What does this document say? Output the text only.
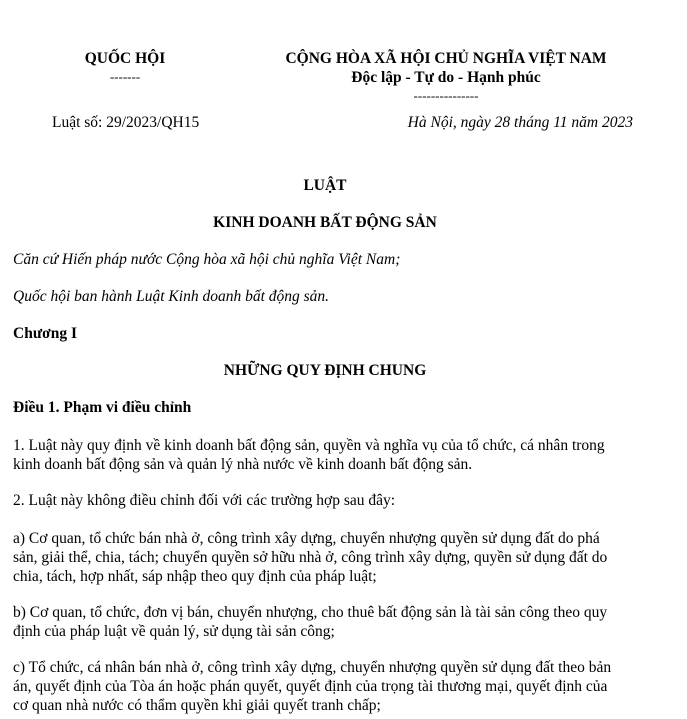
QUỐC HỘI
-------
CỘNG HÒA XÃ HỘI CHỦ NGHĨA VIỆT NAM
Độc lập - Tự do - Hạnh phúc
---------------
Luật số: 29/2023/QH15	Hà Nội, ngày 28 tháng 11 năm 2023
LUẬT
KINH DOANH BẤT ĐỘNG SẢN
Căn cứ Hiến pháp nước Cộng hòa xã hội chủ nghĩa Việt Nam;
Quốc hội ban hành Luật Kinh doanh bất động sản.
Chương I
NHỮNG QUY ĐỊNH CHUNG
Điều 1. Phạm vi điều chỉnh
1. Luật này quy định về kinh doanh bất động sản, quyền và nghĩa vụ của tổ chức, cá nhân trong
kinh doanh bất động sản và quản lý nhà nước về kinh doanh bất động sản.
2. Luật này không điều chỉnh đối với các trường hợp sau đây:
a) Cơ quan, tổ chức bán nhà ở, công trình xây dựng, chuyển nhượng quyền sử dụng đất do phá
sản, giải thể, chia, tách; chuyển quyền sở hữu nhà ở, công trình xây dựng, quyền sử dụng đất do
chia, tách, hợp nhất, sáp nhập theo quy định của pháp luật;
b) Cơ quan, tổ chức, đơn vị bán, chuyển nhượng, cho thuê bất động sản là tài sản công theo quy
định của pháp luật về quản lý, sử dụng tài sản công;
c) Tổ chức, cá nhân bán nhà ở, công trình xây dựng, chuyển nhượng quyền sử dụng đất theo bản
án, quyết định của Tòa án hoặc phán quyết, quyết định của trọng tài thương mại, quyết định của
cơ quan nhà nước có thẩm quyền khi giải quyết tranh chấp;
